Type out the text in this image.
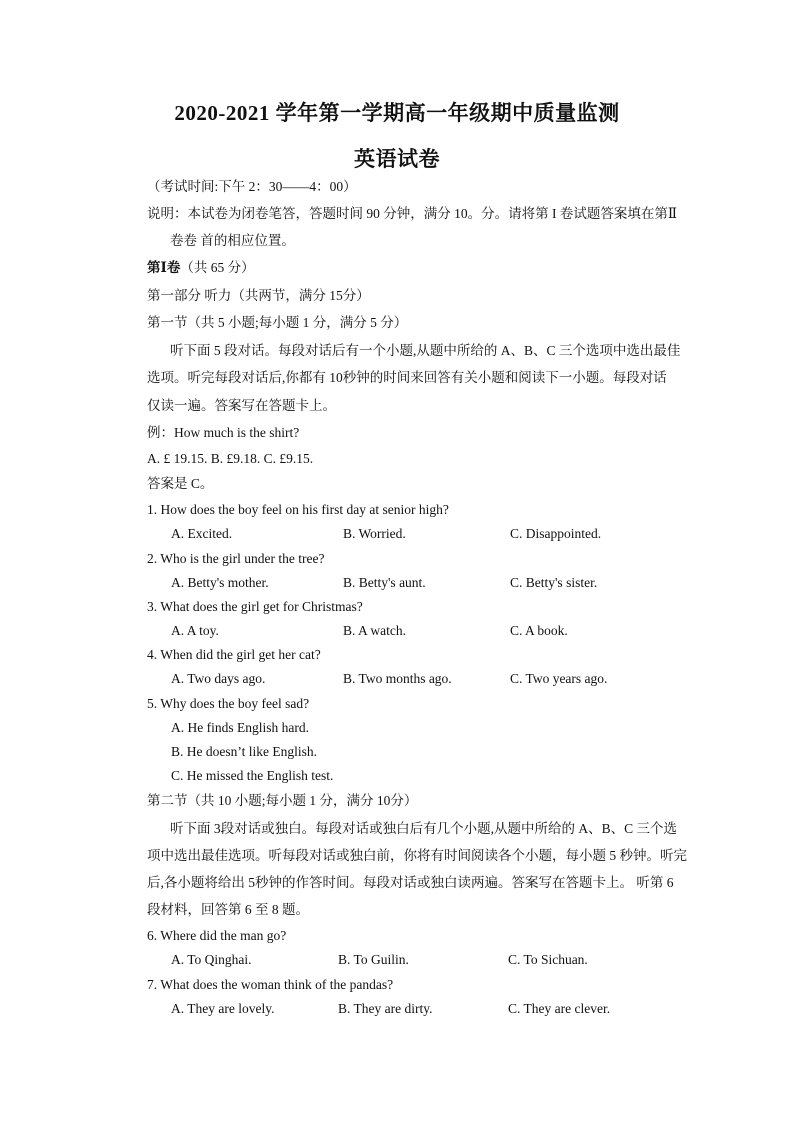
2020-2021 学年第一学期高一年级期中质量监测
英语试卷
（考试时间:下午 2：30——4：00）
说明：本试卷为闭卷笔答，答题时间 90 分钟，满分 10。分。请将第 I 卷试题答案填在第Ⅱ
卷卷 首的相应位置。
第Ⅰ卷（共 65 分）
第一部分 听力（共两节，满分 15分）
第一节（共 5 小题;每小题 1 分，满分 5 分）
听下面 5 段对话。每段对话后有一个小题,从题中所给的 A、B、C 三个选项中选出最佳
选项。听完每段对话后,你都有 10秒钟的时间来回答有关小题和阅读下一小题。每段对话
仅读一遍。答案写在答题卡上。
例：How much is the shirt?
A. £ 19.15. B. £9.18. C. £9.15.
答案是 C。
1. How does the boy feel on his first day at senior high?
A. Excited.	B. Worried.	C. Disappointed.
2. Who is the girl under the tree?
A. Betty's mother.	B. Betty's aunt.	C. Betty's sister.
3. What does the girl get for Christmas?
A. A toy.	B. A watch.	C. A book.
4. When did the girl get her cat?
A. Two days ago.	B. Two months ago.	C. Two years ago.
5. Why does the boy feel sad?
A. He finds English hard.
B. He doesn’t like English.
C. He missed the English test.
第二节（共 10 小题;每小题 1 分，满分 10分）
听下面 3段对话或独白。每段对话或独白后有几个小题,从题中所给的 A、B、C 三个选
项中选出最佳选项。听每段对话或独白前，你将有时间阅读各个小题，每小题 5 秒钟。听完
后,各小题将给出 5秒钟的作答时间。每段对话或独白读两遍。答案写在答题卡上。 听第 6
段材料，回答第 6 至 8 题。
6. Where did the man go?
A. To Qinghai.	B. To Guilin.	C. To Sichuan.
7. What does the woman think of the pandas?
A. They are lovely.	B. They are dirty.	C. They are clever.
